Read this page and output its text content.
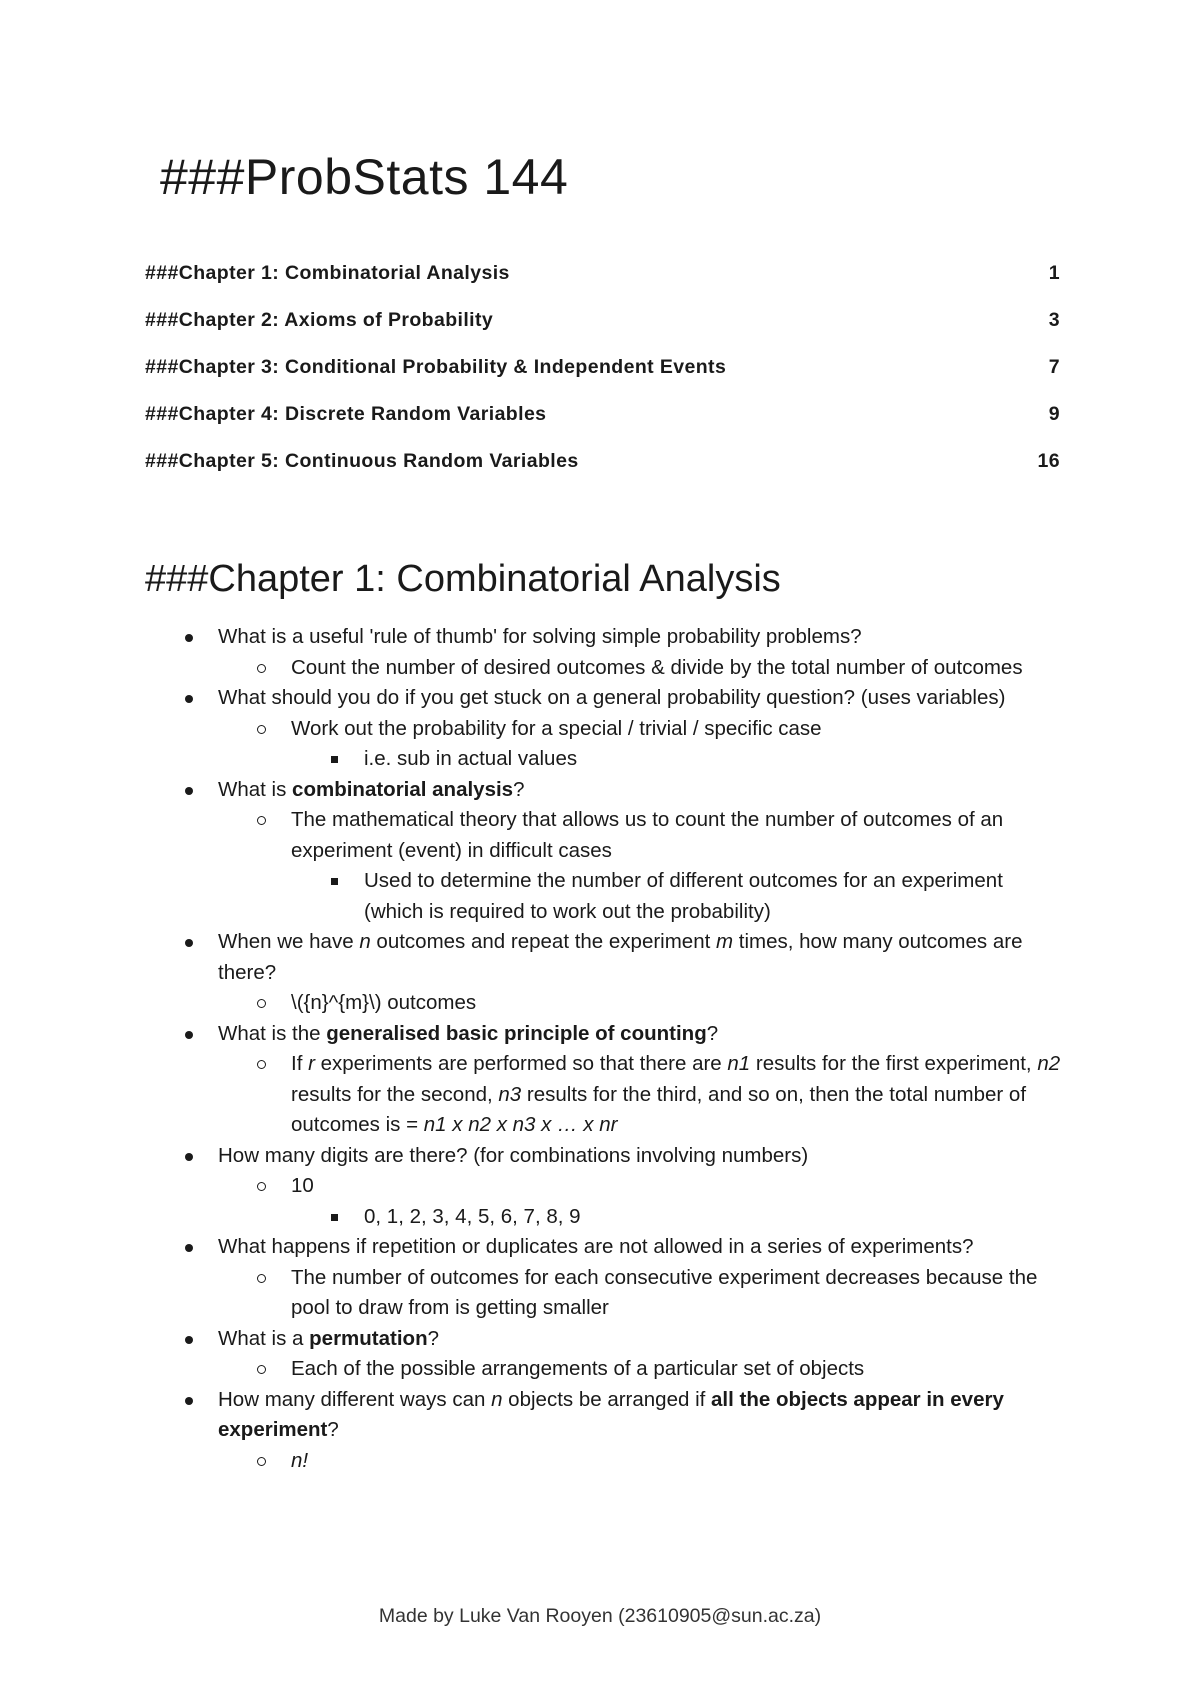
###ProbStats 144
###Chapter 1: Combinatorial Analysis	1
###Chapter 2: Axioms of Probability	3
###Chapter 3: Conditional Probability & Independent Events	7
###Chapter 4: Discrete Random Variables	9
###Chapter 5: Continuous Random Variables	16
###Chapter 1: Combinatorial Analysis
What is a useful 'rule of thumb' for solving simple probability problems?
Count the number of desired outcomes & divide by the total number of outcomes
What should you do if you get stuck on a general probability question? (uses variables)
Work out the probability for a special / trivial / specific case
i.e. sub in actual values
What is combinatorial analysis?
The mathematical theory that allows us to count the number of outcomes of an experiment (event) in difficult cases
Used to determine the number of different outcomes for an experiment (which is required to work out the probability)
When we have n outcomes and repeat the experiment m times, how many outcomes are there?
\({n}^{m}\) outcomes
What is the generalised basic principle of counting?
If r experiments are performed so that there are n1 results for the first experiment, n2 results for the second, n3 results for the third, and so on, then the total number of outcomes is = n1 x n2 x n3 x … x nr
How many digits are there? (for combinations involving numbers)
10
0, 1, 2, 3, 4, 5, 6, 7, 8, 9
What happens if repetition or duplicates are not allowed in a series of experiments?
The number of outcomes for each consecutive experiment decreases because the pool to draw from is getting smaller
What is a permutation?
Each of the possible arrangements of a particular set of objects
How many different ways can n objects be arranged if all the objects appear in every experiment?
n!
Made by Luke Van Rooyen (23610905@sun.ac.za)
